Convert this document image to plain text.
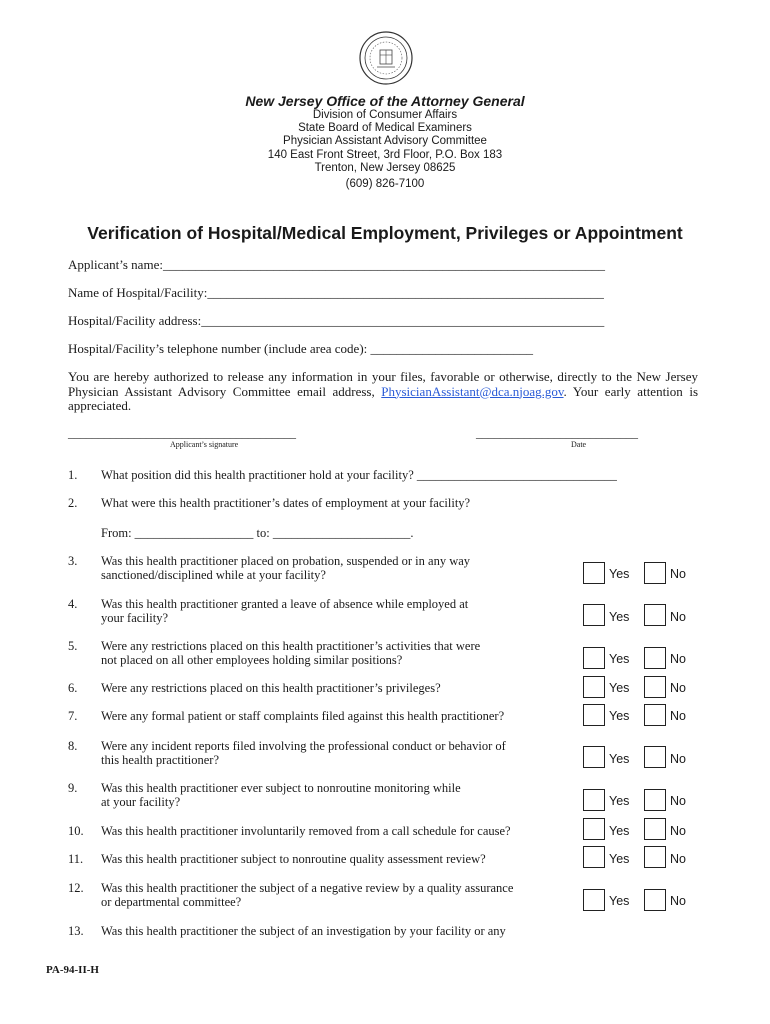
New Jersey Office of the Attorney General
Division of Consumer Affairs
State Board of Medical Examiners
Physician Assistant Advisory Committee
140 East Front Street, 3rd Floor, P.O. Box 183
Trenton, New Jersey 08625
(609) 826-7100
Verification of Hospital/Medical Employment, Privileges or Appointment
Applicant’s name:____________________________________________________________________
Name of Hospital/Facility:_____________________________________________________________
Hospital/Facility address:______________________________________________________________
Hospital/Facility’s telephone number (include area code): _________________________
You are hereby authorized to release any information in your files, favorable or otherwise, directly to the New Jersey Physician Assistant Advisory Committee email address, PhysicianAssistant@dca.njoag.gov. Your early attention is appreciated.
______________________________________
Applicant’s signature
___________________________
Date
1. What position did this health practitioner hold at your facility? ________________________________
2. What were this health practitioner’s dates of employment at your facility?
From: ___________________ to: ______________________.
3. Was this health practitioner placed on probation, suspended or in any way
sanctioned/disciplined while at your facility?	Yes	No
4. Was this health practitioner granted a leave of absence while employed at
your facility?	Yes	No
5. Were any restrictions placed on this health practitioner’s activities that were
not placed on all other employees holding similar positions?	Yes	No
6. Were any restrictions placed on this health practitioner’s privileges?	Yes	No
7. Were any formal patient or staff complaints filed against this health practitioner?	Yes	No
8. Were any incident reports filed involving the professional conduct or behavior of
this health practitioner?	Yes	No
9. Was this health practitioner ever subject to nonroutine monitoring while
at your facility?	Yes	No
10. Was this health practitioner involuntarily removed from a call schedule for cause?	Yes	No
11. Was this health practitioner subject to nonroutine quality assessment review?	Yes	No
12. Was this health practitioner the subject of a negative review by a quality assurance
or departmental committee?	Yes	No
13. Was this health practitioner the subject of an investigation by your facility or any
PA-94-II-H
